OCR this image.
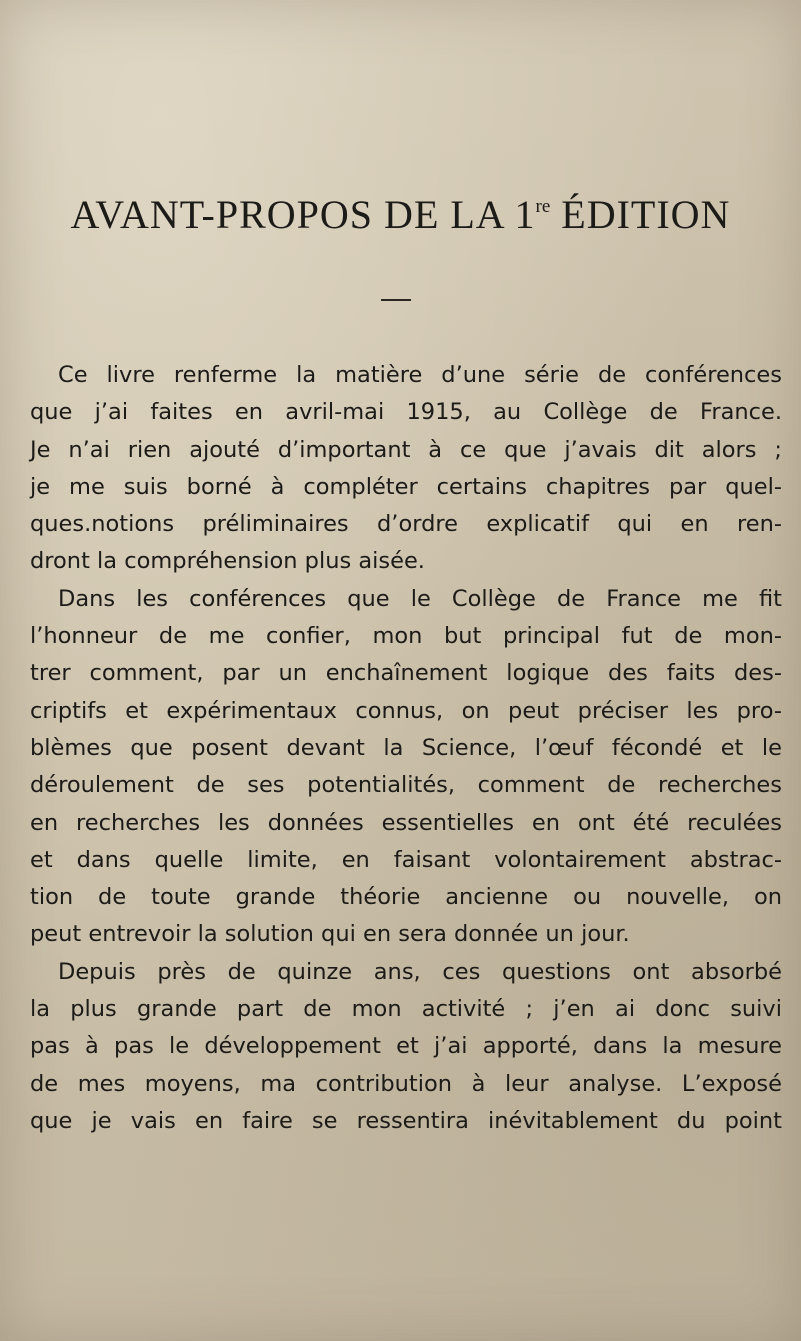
AVANT-PROPOS DE LA 1re ÉDITION
Ce livre renferme la matière d’une série de conférences
que j’ai faites en avril-mai 1915, au Collège de France.
Je n’ai rien ajouté d’important à ce que j’avais dit alors ;
je me suis borné à compléter certains chapitres par quel-
ques.notions préliminaires d’ordre explicatif qui en ren-
dront la compréhension plus aisée.
Dans les conférences que le Collège de France me fit
l’honneur de me confier, mon but principal fut de mon-
trer comment, par un enchaînement logique des faits des-
criptifs et expérimentaux connus, on peut préciser les pro-
blèmes que posent devant la Science, l’œuf fécondé et le
déroulement de ses potentialités, comment de recherches
en recherches les données essentielles en ont été reculées
et dans quelle limite, en faisant volontairement abstrac-
tion de toute grande théorie ancienne ou nouvelle, on
peut entrevoir la solution qui en sera donnée un jour.
Depuis près de quinze ans, ces questions ont absorbé
la plus grande part de mon activité ; j’en ai donc suivi
pas à pas le développement et j’ai apporté, dans la mesure
de mes moyens, ma contribution à leur analyse. L’exposé
que je vais en faire se ressentira inévitablement du point
